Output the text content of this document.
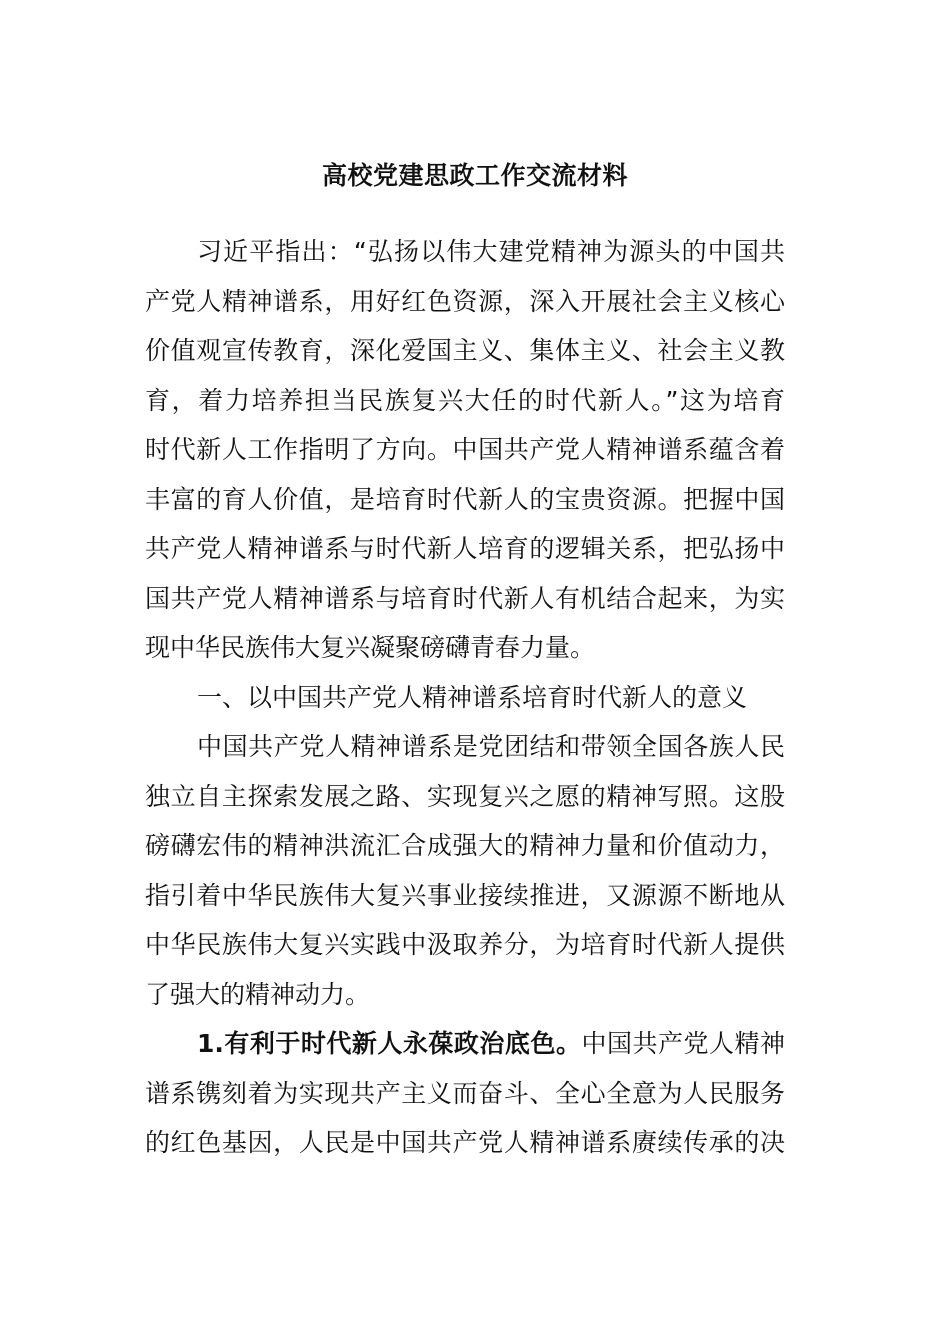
高校党建思政工作交流材料
习近平指出：“弘扬以伟大建党精神为源头的中国共
产党人精神谱系，用好红色资源，深入开展社会主义核心
价值观宣传教育，深化爱国主义、集体主义、社会主义教
育，着力培养担当民族复兴大任的时代新人。”这为培育
时代新人工作指明了方向。中国共产党人精神谱系蕴含着
丰富的育人价值，是培育时代新人的宝贵资源。把握中国
共产党人精神谱系与时代新人培育的逻辑关系，把弘扬中
国共产党人精神谱系与培育时代新人有机结合起来，为实
现中华民族伟大复兴凝聚磅礴青春力量。
一、以中国共产党人精神谱系培育时代新人的意义
中国共产党人精神谱系是党团结和带领全国各族人民
独立自主探索发展之路、实现复兴之愿的精神写照。这股
磅礴宏伟的精神洪流汇合成强大的精神力量和价值动力，
指引着中华民族伟大复兴事业接续推进，又源源不断地从
中华民族伟大复兴实践中汲取养分，为培育时代新人提供
了强大的精神动力。
1.有利于时代新人永葆政治底色。中国共产党人精神
谱系镌刻着为实现共产主义而奋斗、全心全意为人民服务
的红色基因，人民是中国共产党人精神谱系赓续传承的决
